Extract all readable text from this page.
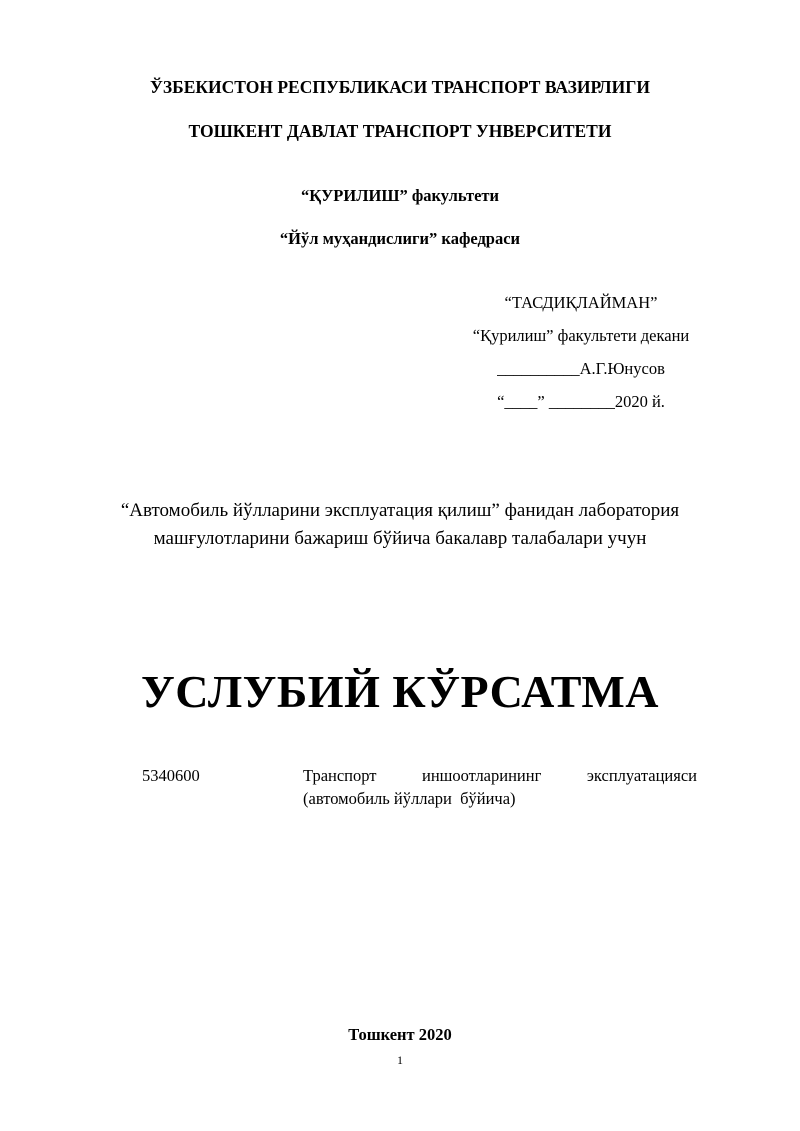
ЎЗБЕКИСТОН РЕСПУБЛИКАСИ ТРАНСПОРТ ВАЗИРЛИГИ
ТОШКЕНТ ДАВЛАТ ТРАНСПОРТ УНВЕРСИТЕТИ
“ҚУРИЛИШ” факультети
“Йўл муҳандислиги” кафедраси
“ТАСДИҚЛАЙМАН”
“Қурилиш” факультети декани
__________А.Г.Юнусов
“____” ________2020 й.
“Автомобиль йўлларини эксплуатация қилиш” фанидан лаборатория
машғулотларини бажариш бўйича бакалавр талабалари учун
УСЛУБИЙ КЎРСАТМА
5340600	Транспорт	иншоотларининг	эксплуатацияси
(автомобиль йўллари  бўйича)
Тошкент 2020
1
